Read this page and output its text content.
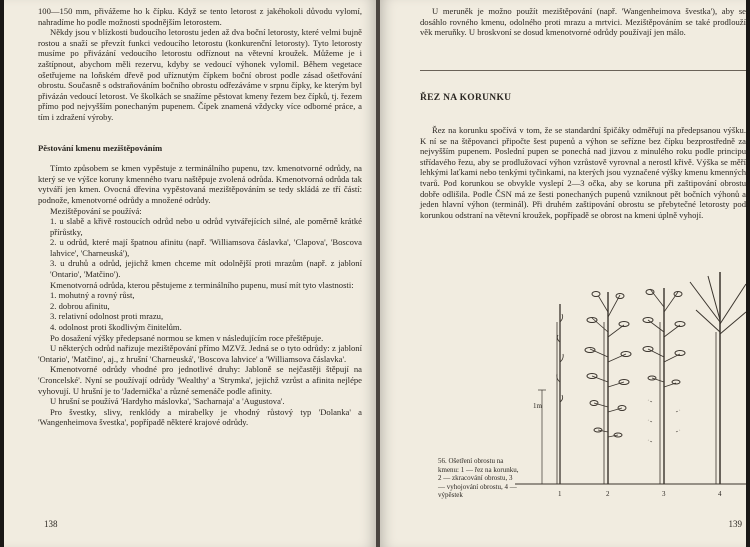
100—150 mm, přivážeme ho k čípku. Když se tento letorost z jakéhokoli důvodu vylomí, nahradíme ho podle možnosti spodnějším letorostem.

Někdy jsou v blízkosti budoucího letorostu jeden až dva boční letorosty, které velmi bujně rostou a snaží se převzít funkci vedoucího letorostu (konkurenční letorosty). Tyto letorosty musíme po přivázání vedoucího letorostu odříznout na větevní kroužek. Můžeme je i zaštípnout, abychom měli rezervu, kdyby se vedoucí výhonek vylomil. Během vegetace ošetřujeme na loňském dřevě pod uříznutým čípkem boční obrost podle zásad ošetřování obrostu. Současně s odstraňováním bočního obrostu odřezáváme v srpnu čípky, ke kterým byl přivázán vedoucí letorost. Ve školkách se snažíme pěstovat kmeny řezem bez čípků, tj. řezem přímo pod nejvyšším ponechaným pupenem. Čípek znamená vždycky více odborné práce, a tím i zdražení výroby.

Pěstování kmenu mezištěpováním

Tímto způsobem se kmen vypěstuje z terminálního pupenu, tzv. kmenotvorné odrůdy, na který se ve výšce koruny kmenného tvaru naštěpuje zvolená odrůda. Kmenotvorná odrůda tak vytváří jen kmen. Ovocná dřevina vypěstovaná mezištěpováním se tedy skládá ze tří částí: podnože, kmenotvorné odrůdy a množené odrůdy.

Mezištěpování se používá:

1. u slabě a křivě rostoucích odrůd nebo u odrůd vytvářejících silné, ale poměrně krátké přírůstky,

2. u odrůd, které mají špatnou afinitu (např. 'Williamsova čáslavka', 'Clapova', 'Boscova lahvice', 'Charneuská'),

3. u druhů a odrůd, jejichž kmen chceme mít odolnější proti mrazům (např. z jabloní 'Ontario', 'Matčino').

Kmenotvorná odrůda, kterou pěstujeme z terminálního pupenu, musí mít tyto vlastnosti:

1. mohutný a rovný růst,

2. dobrou afinitu,

3. relativní odolnost proti mrazu,

4. odolnost proti škodlivým činitelům.

Po dosažení výšky předepsané normou se kmen v následujícím roce přeštěpuje.

U některých odrůd nařizuje mezištěpování přímo MZVž. Jedná se o tyto odrůdy: z jabloní 'Ontario', 'Matčino', aj., z hrušní 'Charneuská', 'Boscova lahvice' a 'Williamsova čáslavka'.

Kmenotvorné odrůdy vhodné pro jednotlivé druhy: Jabloně se nejčastěji štěpují na 'Croncelské'. Nyní se používají odrůdy 'Wealthy' a 'Strymka', jejichž vzrůst a afinita nejlépe vyhovují. U hrušní je to 'Jadernička' a různé semenáče podle afinity.

U hrušní se používá 'Hardyho máslovka', 'Sacharnaja' a 'Augustova'.

Pro švestky, slivy, renklódy a mirabelky je vhodný růstový typ 'Dolanka' a 'Wangenheimova švestka', popřípadě některé krajové odrůdy.

138

U meruněk je možno použít mezištěpování (např. 'Wangenheimova švestka'), aby se dosáhlo rovného kmenu, odolného proti mrazu a mrtvici. Mezištěpováním se také prodlouží věk meruňky. U broskvoní se dosud kmenotvorné odrůdy používají jen málo.

ŘEZ NA KORUNKU

Řez na korunku spočívá v tom, že se standardní špičáky odměřují na předepsanou výšku. K ní se na štěpovanci připočte šest pupenů a výhon se seřízne bez čípku bezprostředně za nejvyšším pupenem. Poslední pupen se ponechá nad jizvou z minulého roku podle principu střídavého řezu, aby se prodlužovací výhon vzrůstově vyrovnal a nerostl křivě. Výška se měří lehkými laťkami nebo tenkými tyčinkami, na kterých jsou vyznačené výšky kmenu kmenných tvarů. Pod korunkou se obvykle vyslepí 2—3 očka, aby se koruna při zaštipování obrostu dobře odlišila. Podle ČSN má ze šesti ponechaných pupenů vzniknout pět bočních výhonů a jeden hlavní výhon (terminál). Při druhém zaštipování obrostu se přebytečné letorosty pod korunkou odstraní na větevní kroužek, popřípadě se obrost na kmeni úplně vyhojí.

1m
56. Ošetření obrostu na kmenu: 1 — řez na korunku, 2 — zkracování obrostu, 3 — vyhojování obrostu, 4 — výpěstek	1	2	3	4
139
